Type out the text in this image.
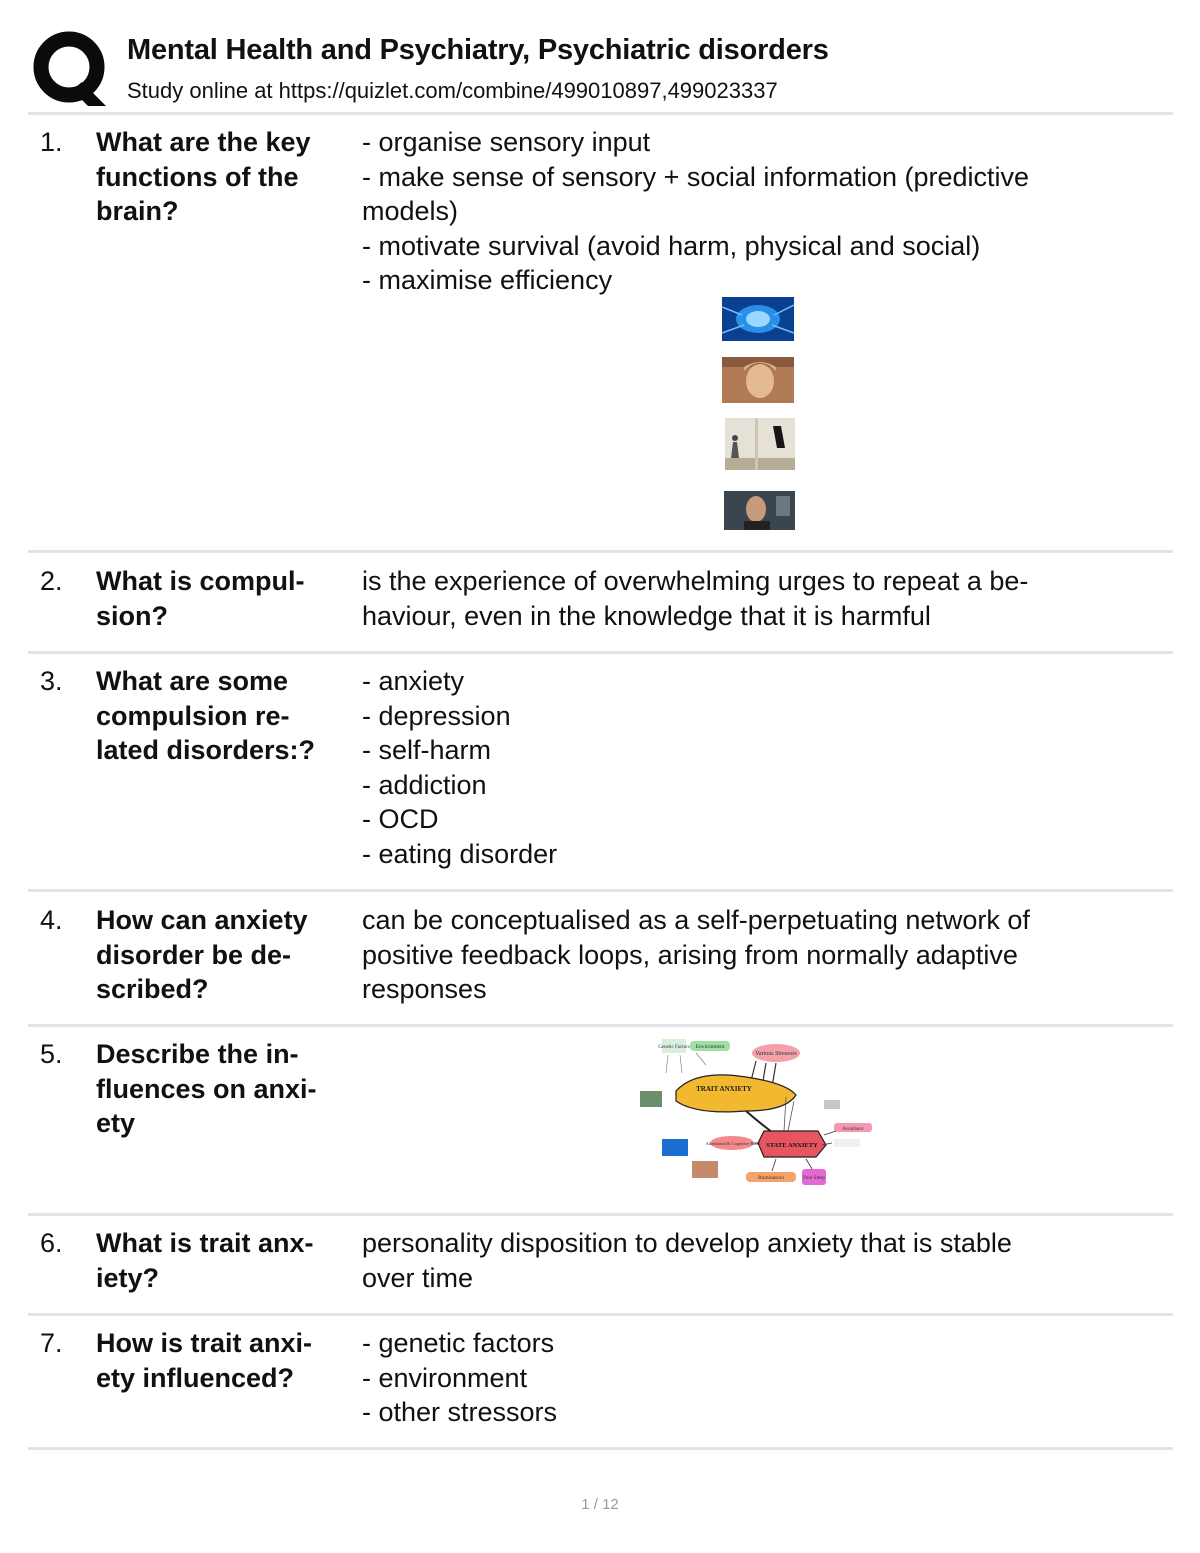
Mental Health and Psychiatry, Psychiatric disorders
Study online at https://quizlet.com/combine/499010897,499023337
1. What are the key
functions of the
brain?
- organise sensory input
- make sense of sensory + social information (predictive
models)
- motivate survival (avoid harm, physical and social)
- maximise efficiency
2. What is compul-
sion?
is the experience of overwhelming urges to repeat a be-
haviour, even in the knowledge that it is harmful
3. What are some
compulsion re-
lated disorders:?
- anxiety
- depression
- self-harm
- addiction
- OCD
- eating disorder
4. How can anxiety
disorder be de-
scribed?
can be conceptualised as a self-perpetuating network of
positive feedback loops, arising from normally adaptive
responses
5. Describe the in-
fluences on anxi-
ety
Genetic Factors Environment
Various Stressors
TRAIT ANXIETY
STATE ANXIETY
Avoidance
Attentional & Cognitive Bias
Rumination	Poor Sleep
6. What is trait anx-
iety?
personality disposition to develop anxiety that is stable
over time
7. How is trait anxi-
ety influenced?
- genetic factors
- environment
- other stressors
1 / 12
